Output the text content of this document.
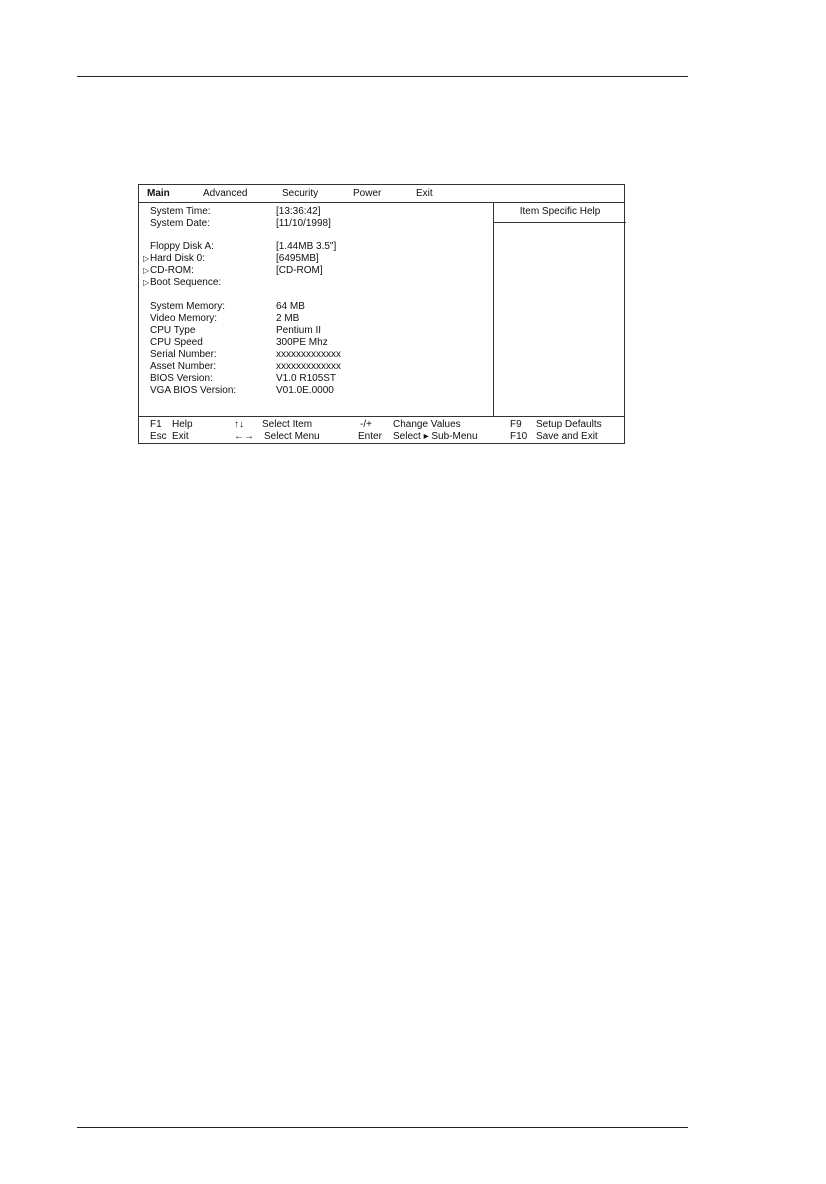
Main	Advanced	Security	Power	Exit
System Time:	[13:36:42]
System Date:	[11/10/1998]
Floppy Disk A:	[1.44MB 3.5"]
▷ Hard Disk 0:	[6495MB]
▷ CD-ROM:	[CD-ROM]
▷ Boot Sequence:
System Memory:	64 MB
Video Memory:	2 MB
CPU Type	Pentium II
CPU Speed	300PE Mhz
Serial Number:	xxxxxxxxxxxxx
Asset Number:	xxxxxxxxxxxxx
BIOS Version:	V1.0 R105ST
VGA BIOS Version:	V01.0E.0000
Item Specific Help
F1 Help	↑↓ Select Item	-/+ Change Values	F9 Setup Defaults
Esc Exit	←→ Select Menu	Enter Select ▸ Sub-Menu	F10 Save and Exit
